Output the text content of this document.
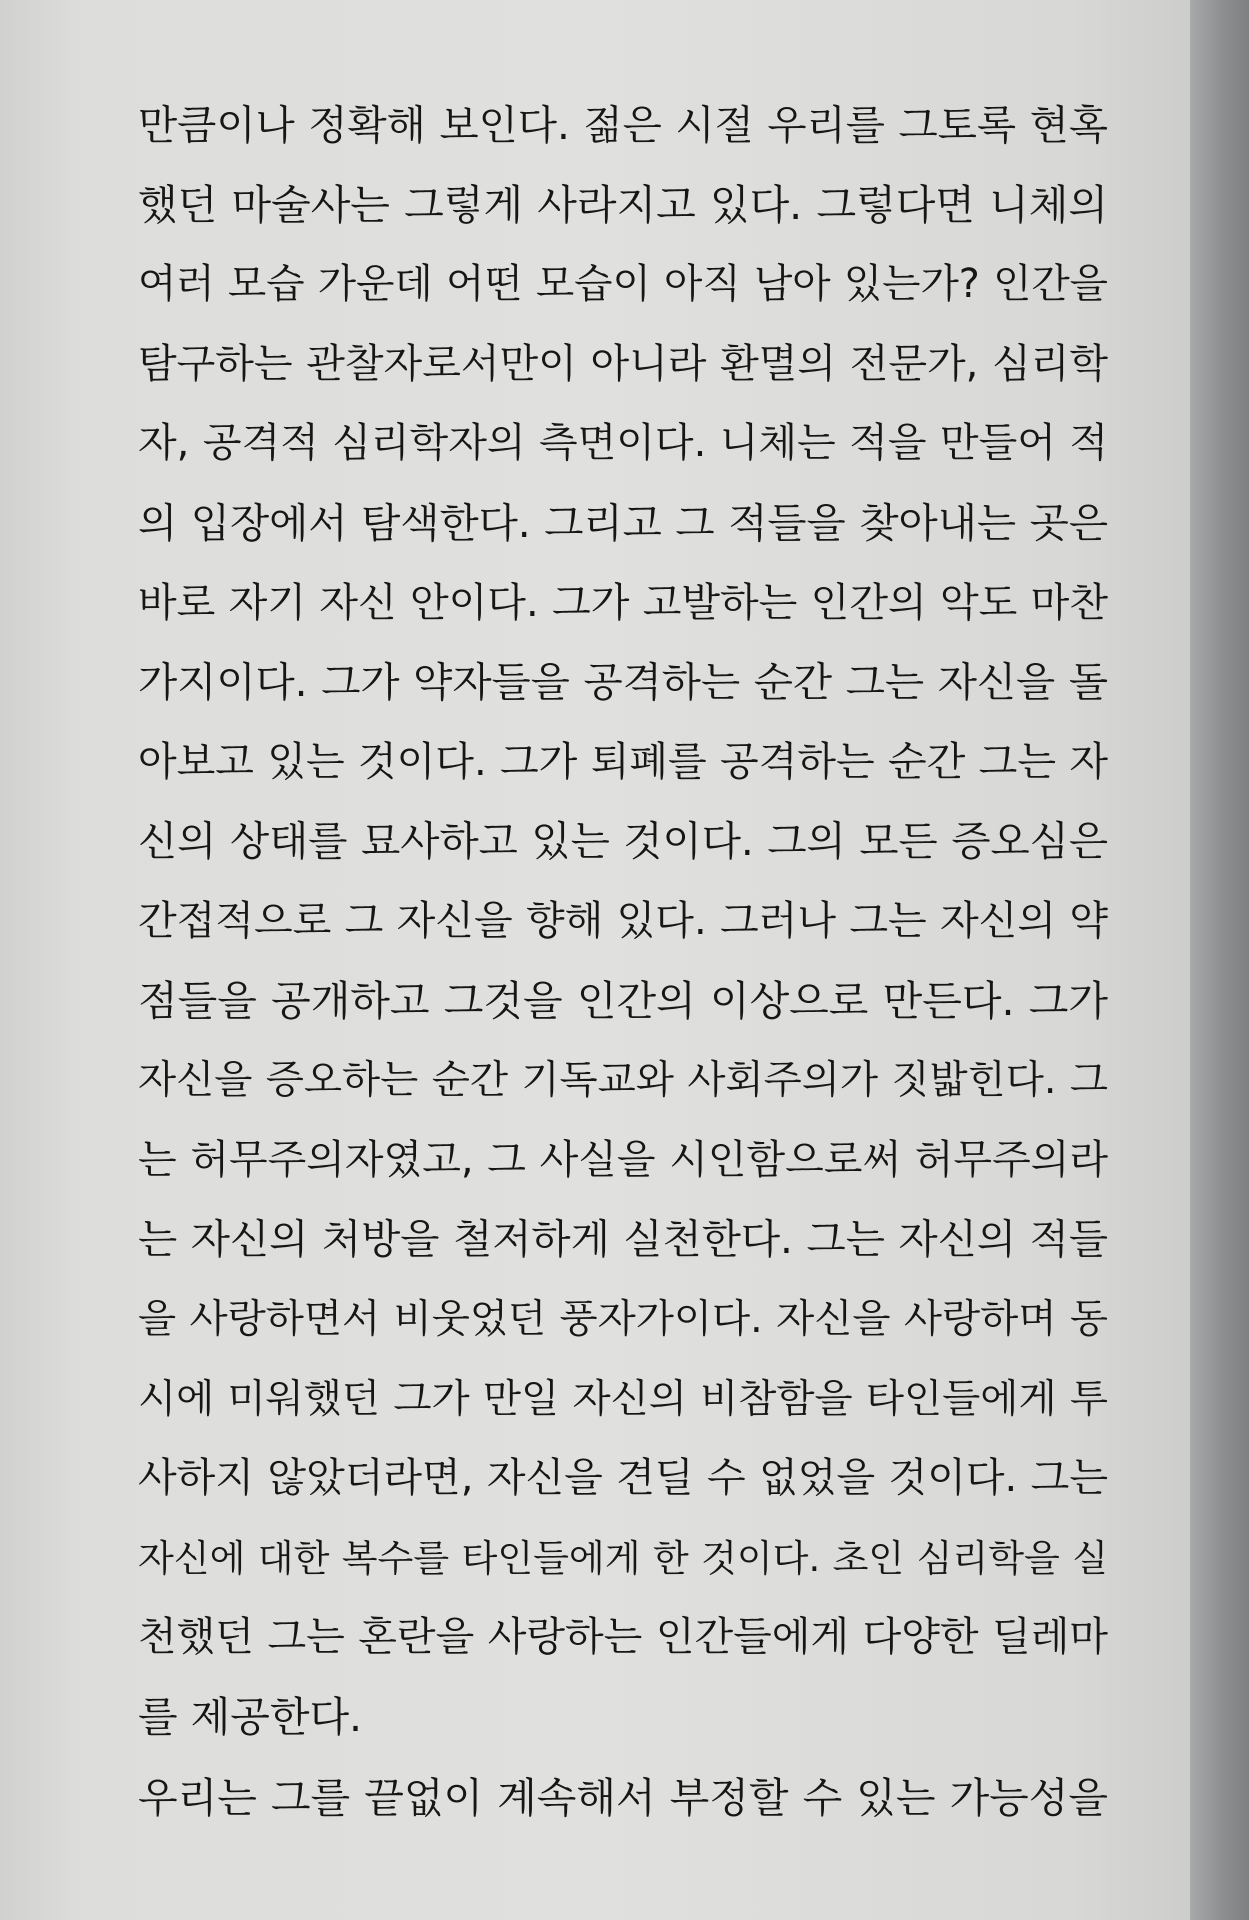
만큼이나 정확해 보인다. 젊은 시절 우리를 그토록 현혹
했던 마술사는 그렇게 사라지고 있다. 그렇다면 니체의
여러 모습 가운데 어떤 모습이 아직 남아 있는가? 인간을
탐구하는 관찰자로서만이 아니라 환멸의 전문가, 심리학
자, 공격적 심리학자의 측면이다. 니체는 적을 만들어 적
의 입장에서 탐색한다. 그리고 그 적들을 찾아내는 곳은
바로 자기 자신 안이다. 그가 고발하는 인간의 악도 마찬
가지이다. 그가 약자들을 공격하는 순간 그는 자신을 돌
아보고 있는 것이다. 그가 퇴폐를 공격하는 순간 그는 자
신의 상태를 묘사하고 있는 것이다. 그의 모든 증오심은
간접적으로 그 자신을 향해 있다. 그러나 그는 자신의 약
점들을 공개하고 그것을 인간의 이상으로 만든다. 그가
자신을 증오하는 순간 기독교와 사회주의가 짓밟힌다. 그
는 허무주의자였고, 그 사실을 시인함으로써 허무주의라
는 자신의 처방을 철저하게 실천한다. 그는 자신의 적들
을 사랑하면서 비웃었던 풍자가이다. 자신을 사랑하며 동
시에 미워했던 그가 만일 자신의 비참함을 타인들에게 투
사하지 않았더라면, 자신을 견딜 수 없었을 것이다. 그는
자신에 대한 복수를 타인들에게 한 것이다. 초인 심리학을 실
천했던 그는 혼란을 사랑하는 인간들에게 다양한 딜레마
를 제공한다.
우리는 그를 끝없이 계속해서 부정할 수 있는 가능성을
